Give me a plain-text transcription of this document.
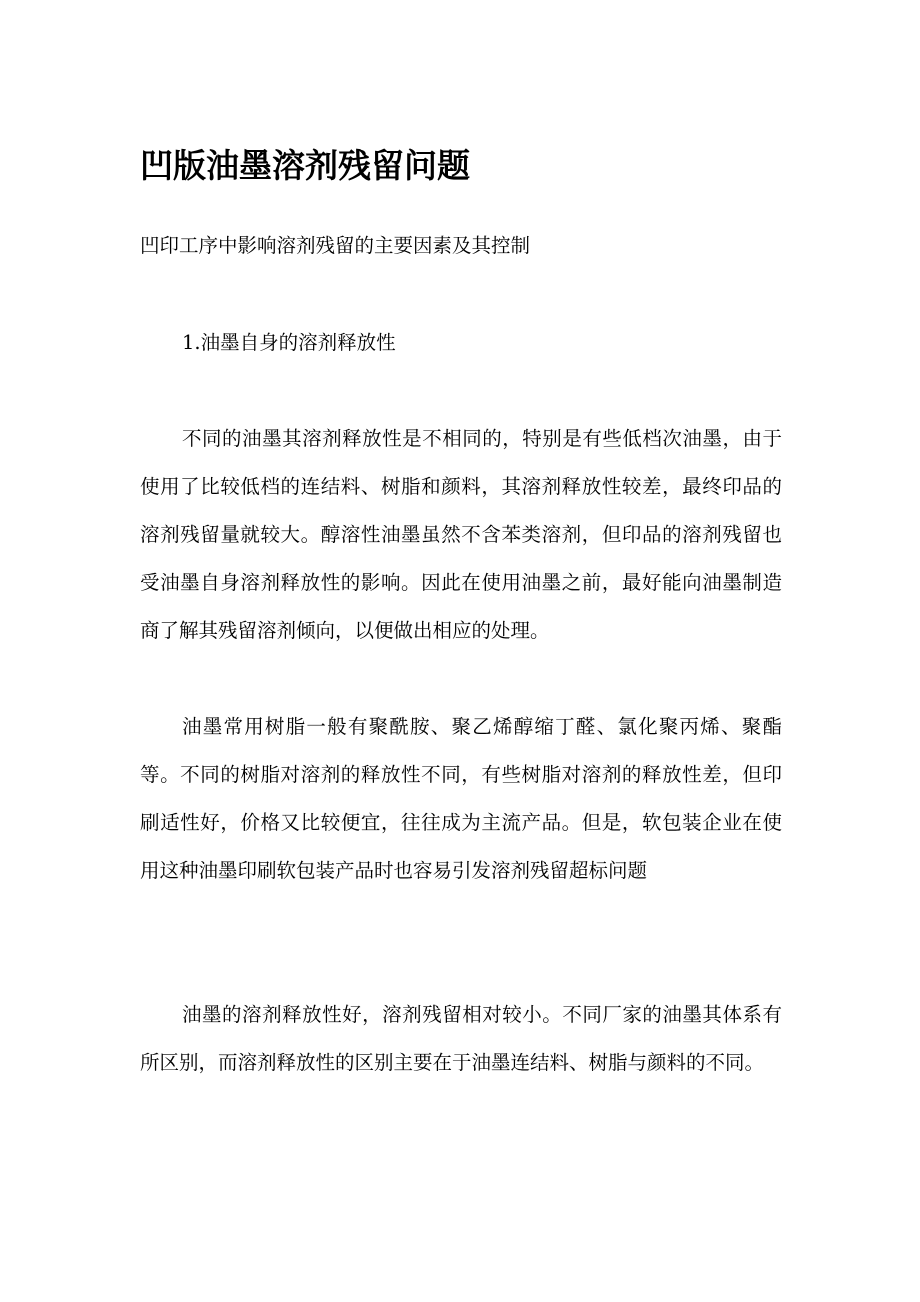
凹版油墨溶剂残留问题

凹印工序中影响溶剂残留的主要因素及其控制

1.油墨自身的溶剂释放性

不同的油墨其溶剂释放性是不相同的，特别是有些低档次油墨，由于使用了比较低档的连结料、树脂和颜料，其溶剂释放性较差，最终印品的溶剂残留量就较大。醇溶性油墨虽然不含苯类溶剂，但印品的溶剂残留也受油墨自身溶剂释放性的影响。因此在使用油墨之前，最好能向油墨制造商了解其残留溶剂倾向，以便做出相应的处理。

油墨常用树脂一般有聚酰胺、聚乙烯醇缩丁醛、氯化聚丙烯、聚酯等。不同的树脂对溶剂的释放性不同，有些树脂对溶剂的释放性差，但印刷适性好，价格又比较便宜，往往成为主流产品。但是，软包装企业在使用这种油墨印刷软包装产品时也容易引发溶剂残留超标问题

油墨的溶剂释放性好，溶剂残留相对较小。不同厂家的油墨其体系有所区别，而溶剂释放性的区别主要在于油墨连结料、树脂与颜料的不同。
